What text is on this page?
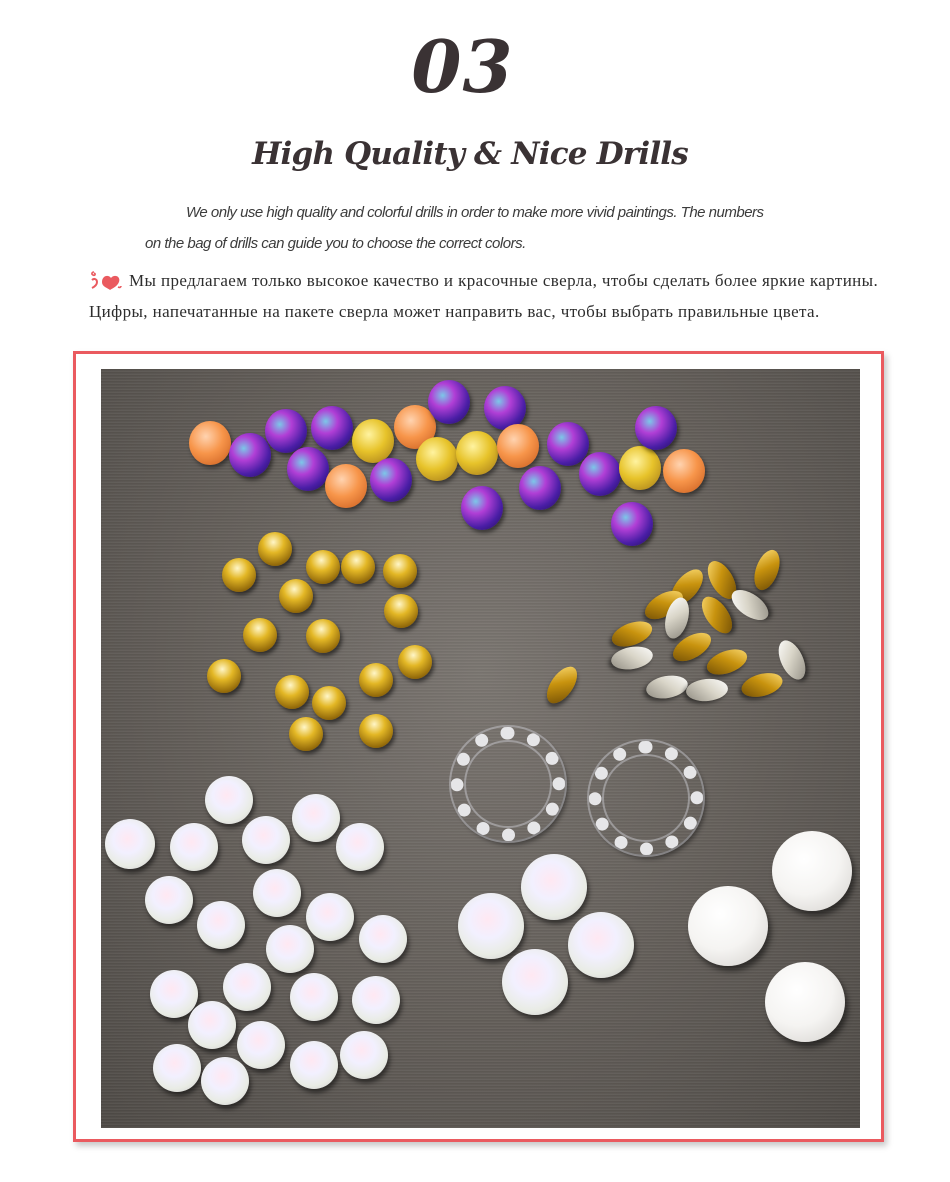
03
High Quality & Nice Drills
We only use high quality and colorful drills in order to make more vivid paintings. The numbers
on the bag of drills can guide you to choose the correct colors.
Мы предлагаем только высокое качество и красочные сверла, чтобы сделать более яркие картины.
Цифры, напечатанные на пакете сверла может направить вас, чтобы выбрать правильные цвета.
